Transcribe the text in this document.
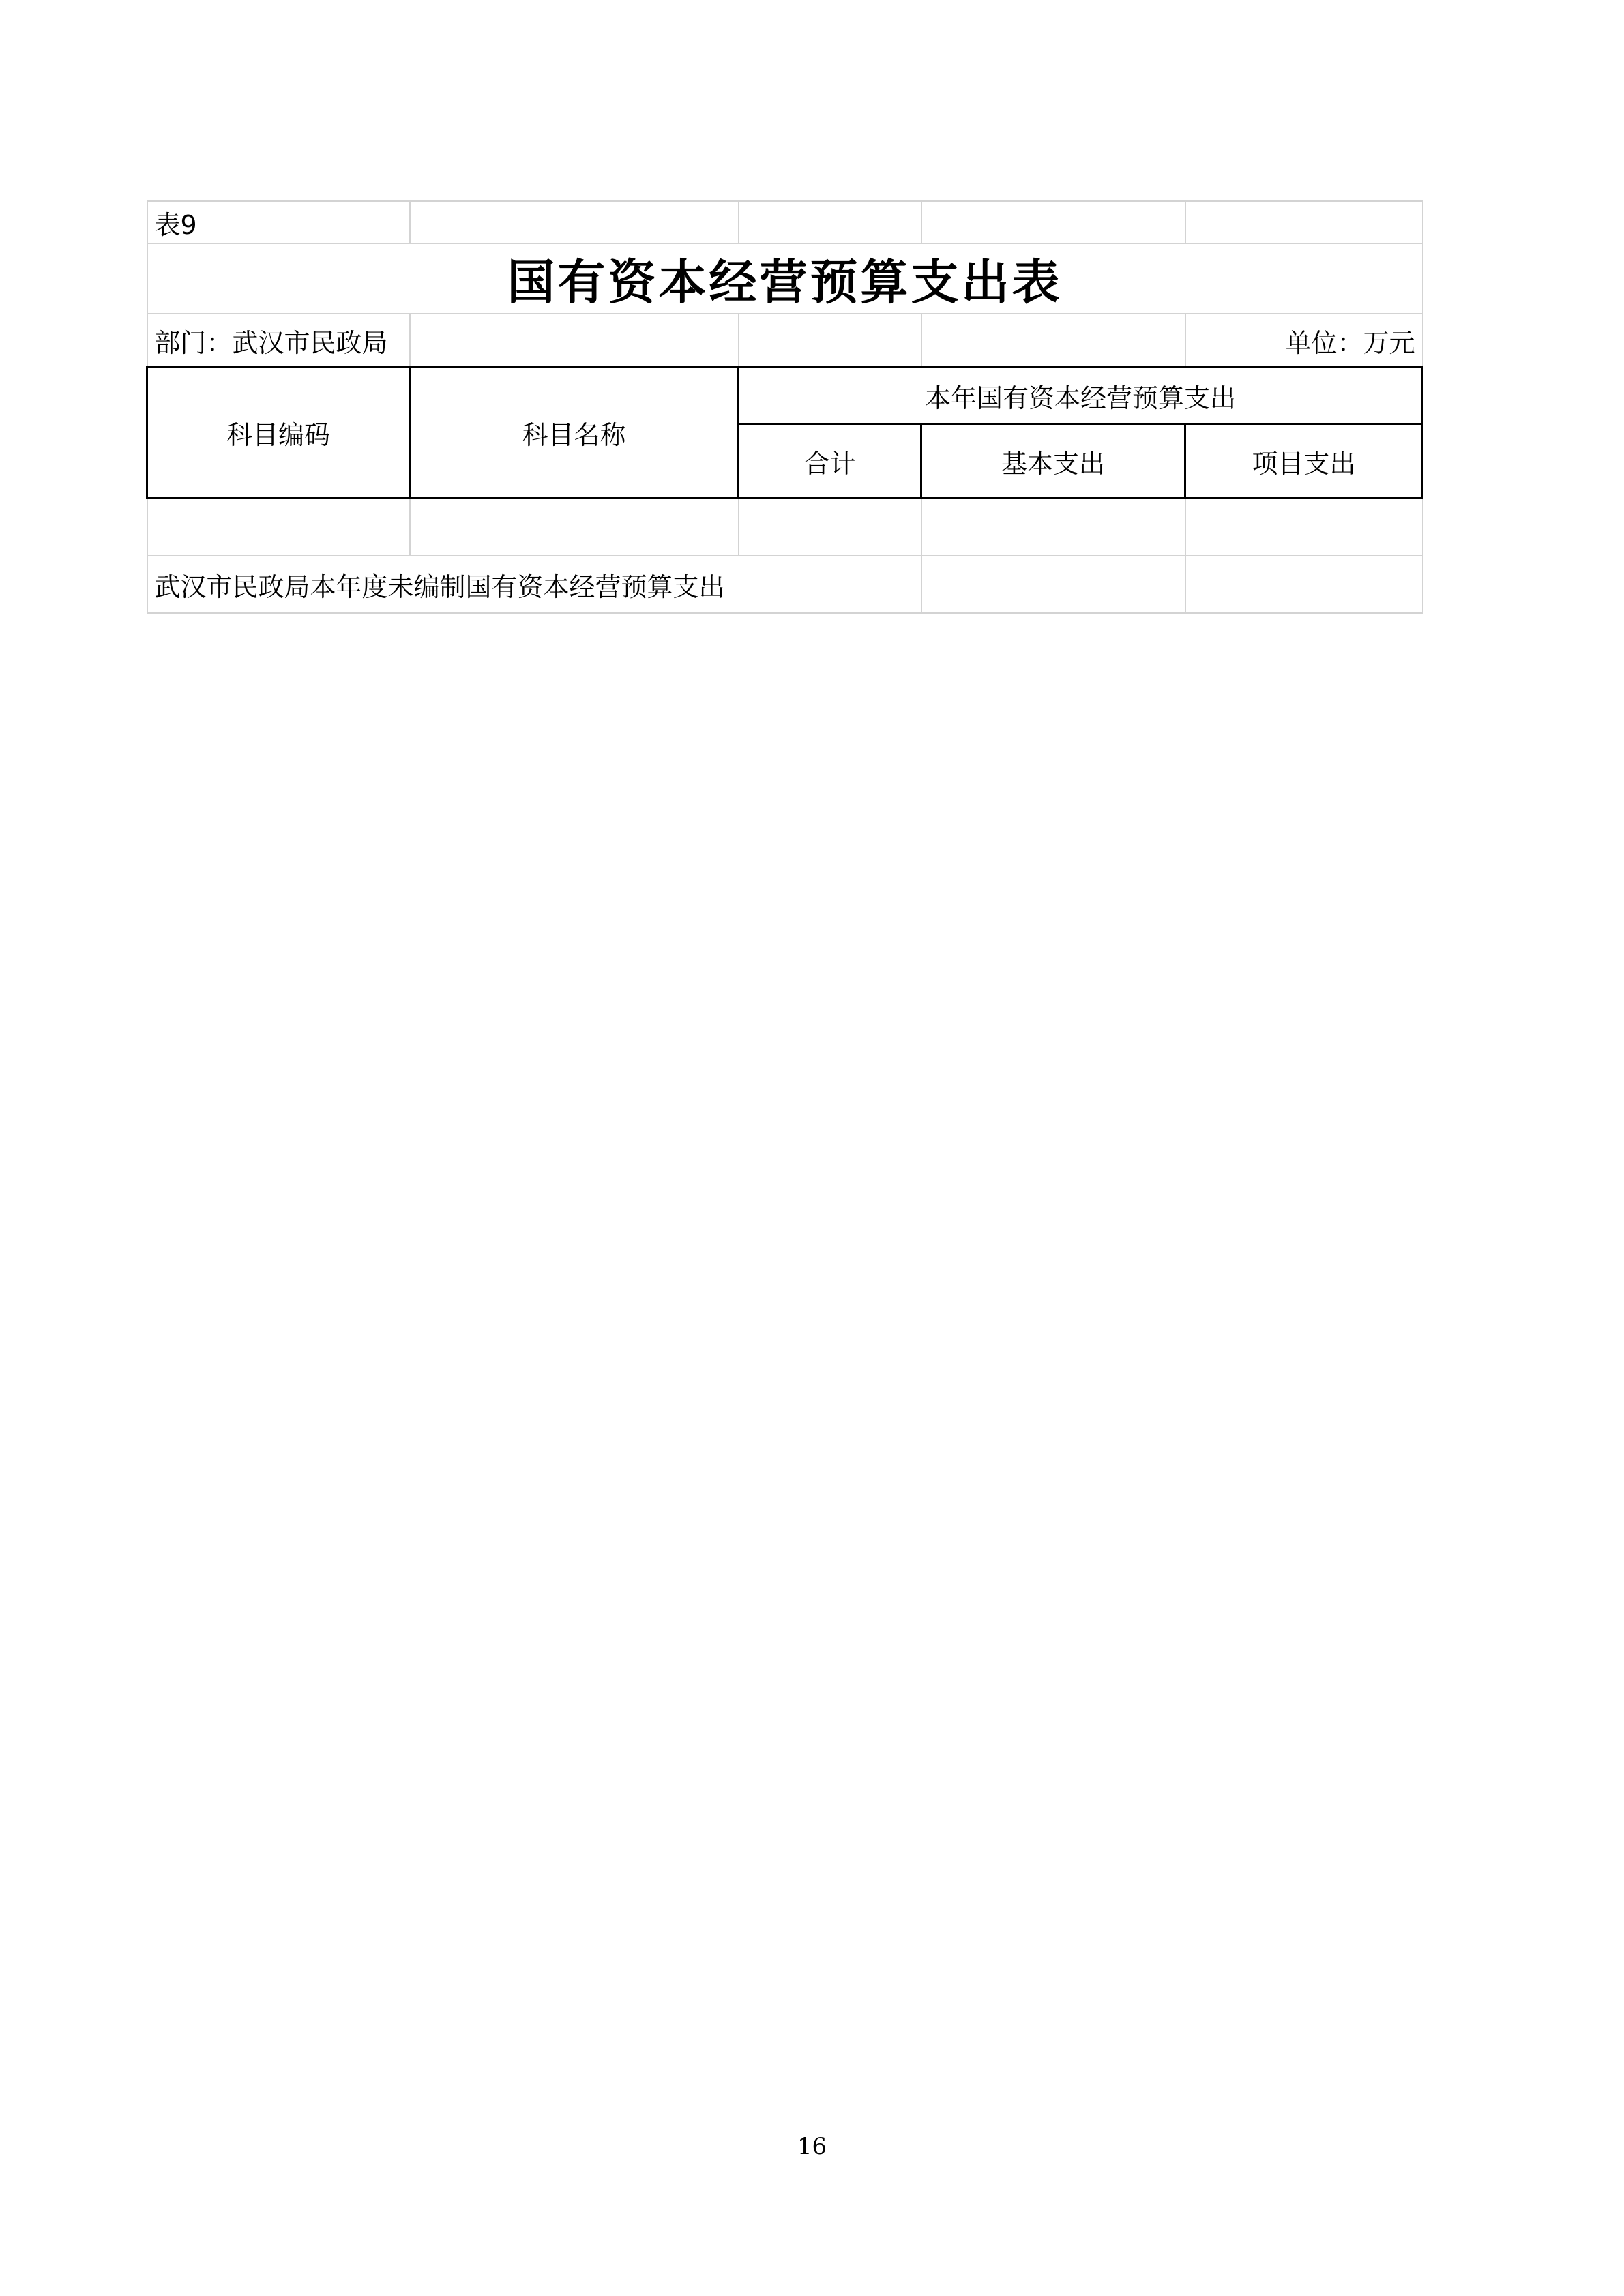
表9				
国有资本经营预算支出表				
部门：武汉市民政局				单位：万元
科目编码	科目名称	本年国有资本经营预算支出		
		合计	基本支出	项目支出

武汉市民政局本年度未编制国有资本经营预算支出				
16
